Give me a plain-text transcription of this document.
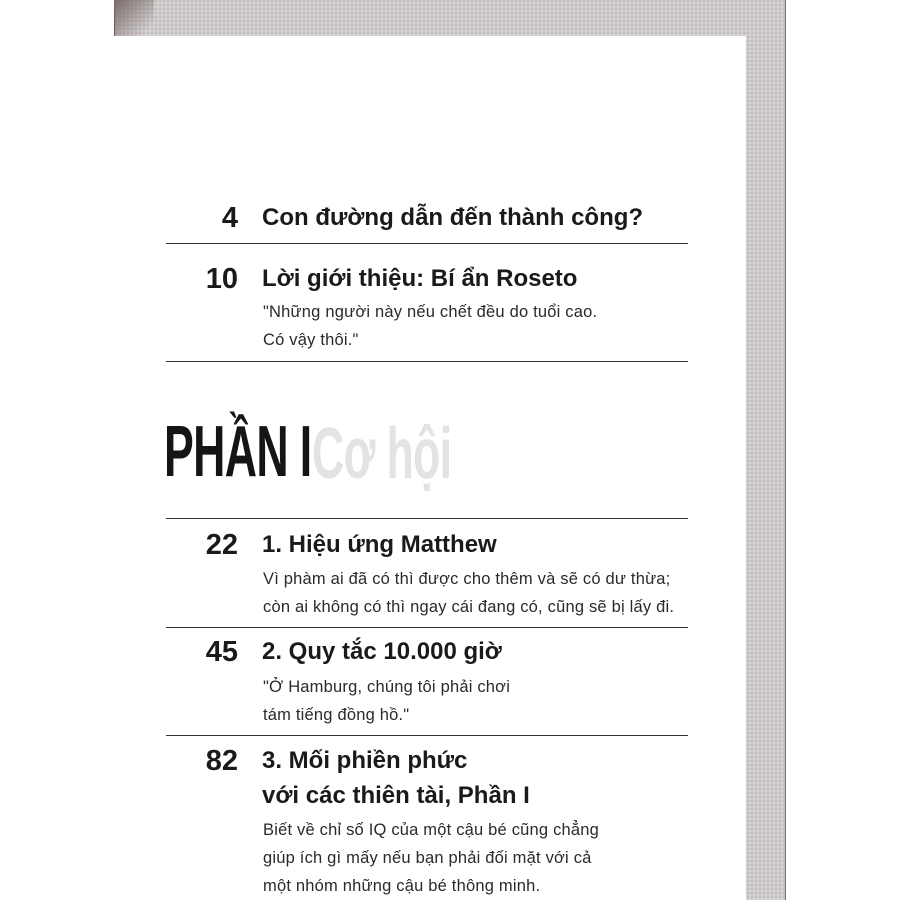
4 Con đường dẫn đến thành công?
10 Lời giới thiệu: Bí ẩn Roseto
"Những người này nếu chết đều do tuổi cao.
Có vậy thôi."
PHẦN I Cơ hội
22 1. Hiệu ứng Matthew
Vì phàm ai đã có thì được cho thêm và sẽ có dư thừa;
còn ai không có thì ngay cái đang có, cũng sẽ bị lấy đi.
45 2. Quy tắc 10.000 giờ
"Ở Hamburg, chúng tôi phải chơi
tám tiếng đồng hồ."
82 3. Mối phiền phức
với các thiên tài, Phần I
Biết về chỉ số IQ của một cậu bé cũng chẳng
giúp ích gì mấy nếu bạn phải đối mặt với cả
một nhóm những cậu bé thông minh.
